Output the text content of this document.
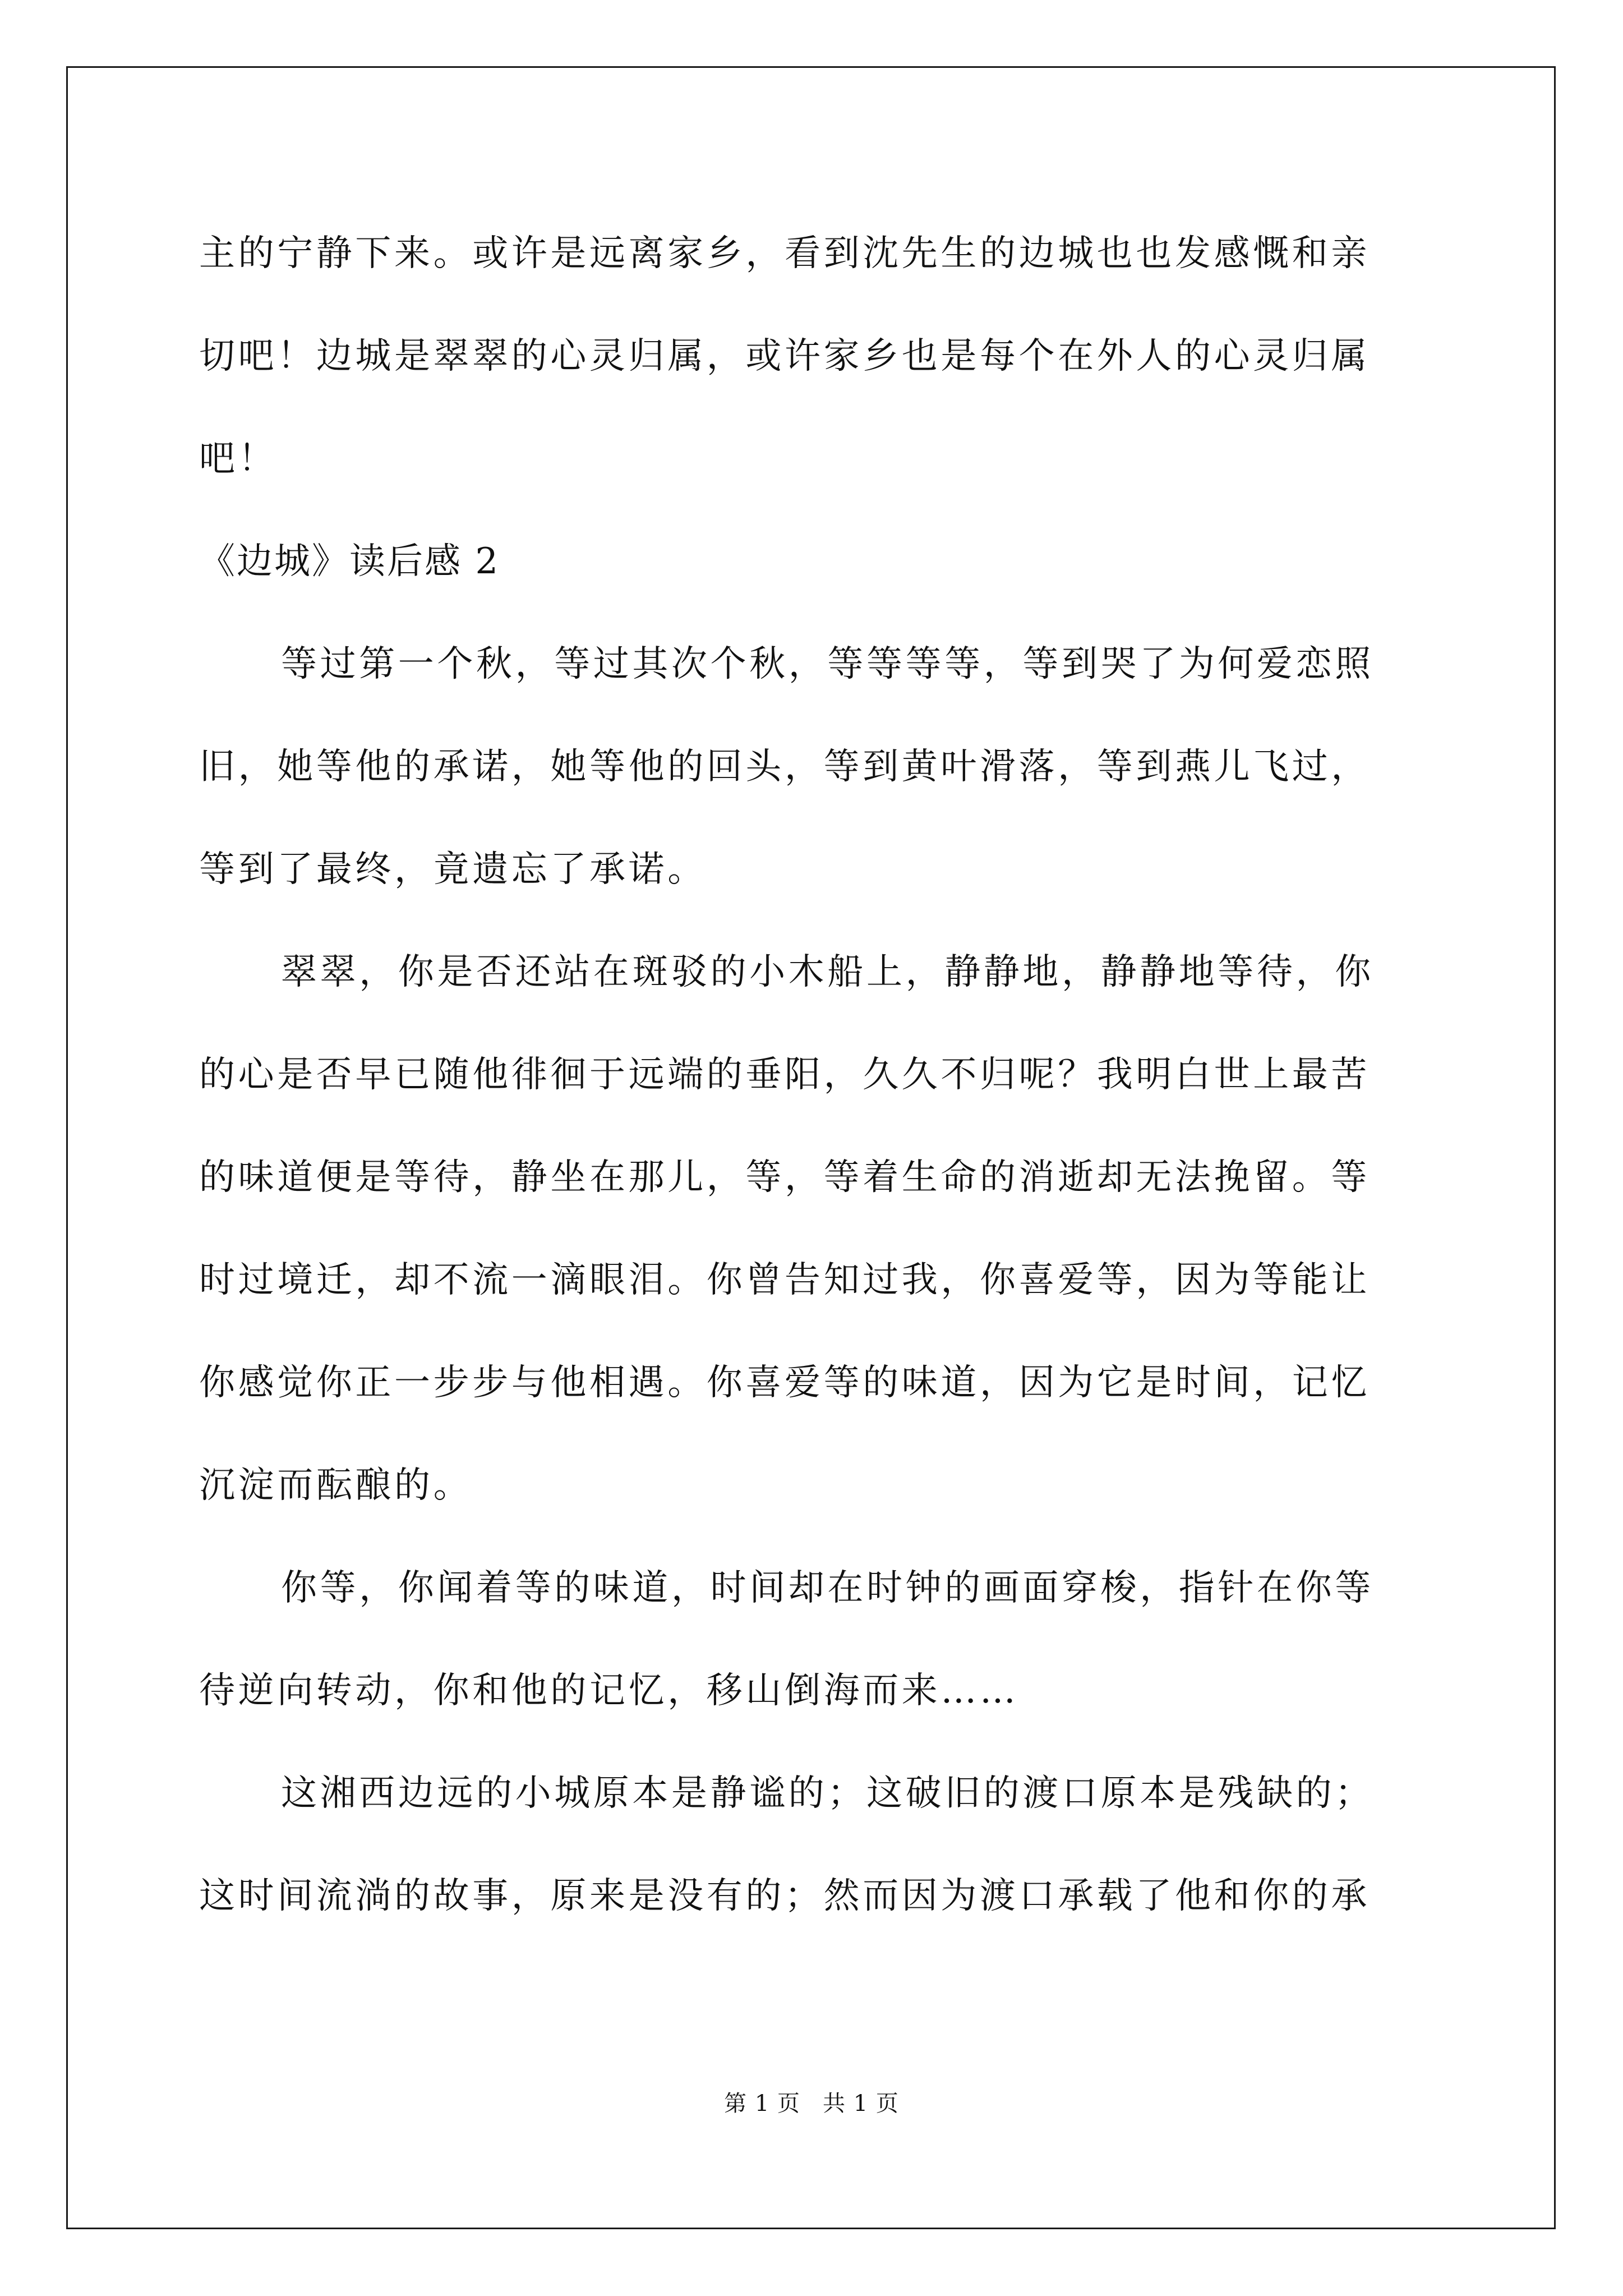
主的宁静下来。或许是远离家乡，看到沈先生的边城也也发感慨和亲
切吧！边城是翠翠的心灵归属，或许家乡也是每个在外人的心灵归属
吧！
《边城》读后感 2
等过第一个秋，等过其次个秋，等等等等，等到哭了为何爱恋照
旧，她等他的承诺，她等他的回头，等到黄叶滑落，等到燕儿飞过，
等到了最终，竟遗忘了承诺。
翠翠，你是否还站在斑驳的小木船上，静静地，静静地等待，你
的心是否早已随他徘徊于远端的垂阳，久久不归呢？我明白世上最苦
的味道便是等待，静坐在那儿，等，等着生命的消逝却无法挽留。等
时过境迁，却不流一滴眼泪。你曾告知过我，你喜爱等，因为等能让
你感觉你正一步步与他相遇。你喜爱等的味道，因为它是时间，记忆
沉淀而酝酿的。
你等，你闻着等的味道，时间却在时钟的画面穿梭，指针在你等
待逆向转动，你和他的记忆，移山倒海而来……
这湘西边远的小城原本是静谧的；这破旧的渡口原本是残缺的；
这时间流淌的故事，原来是没有的；然而因为渡口承载了他和你的承
第 1 页 共 1 页
